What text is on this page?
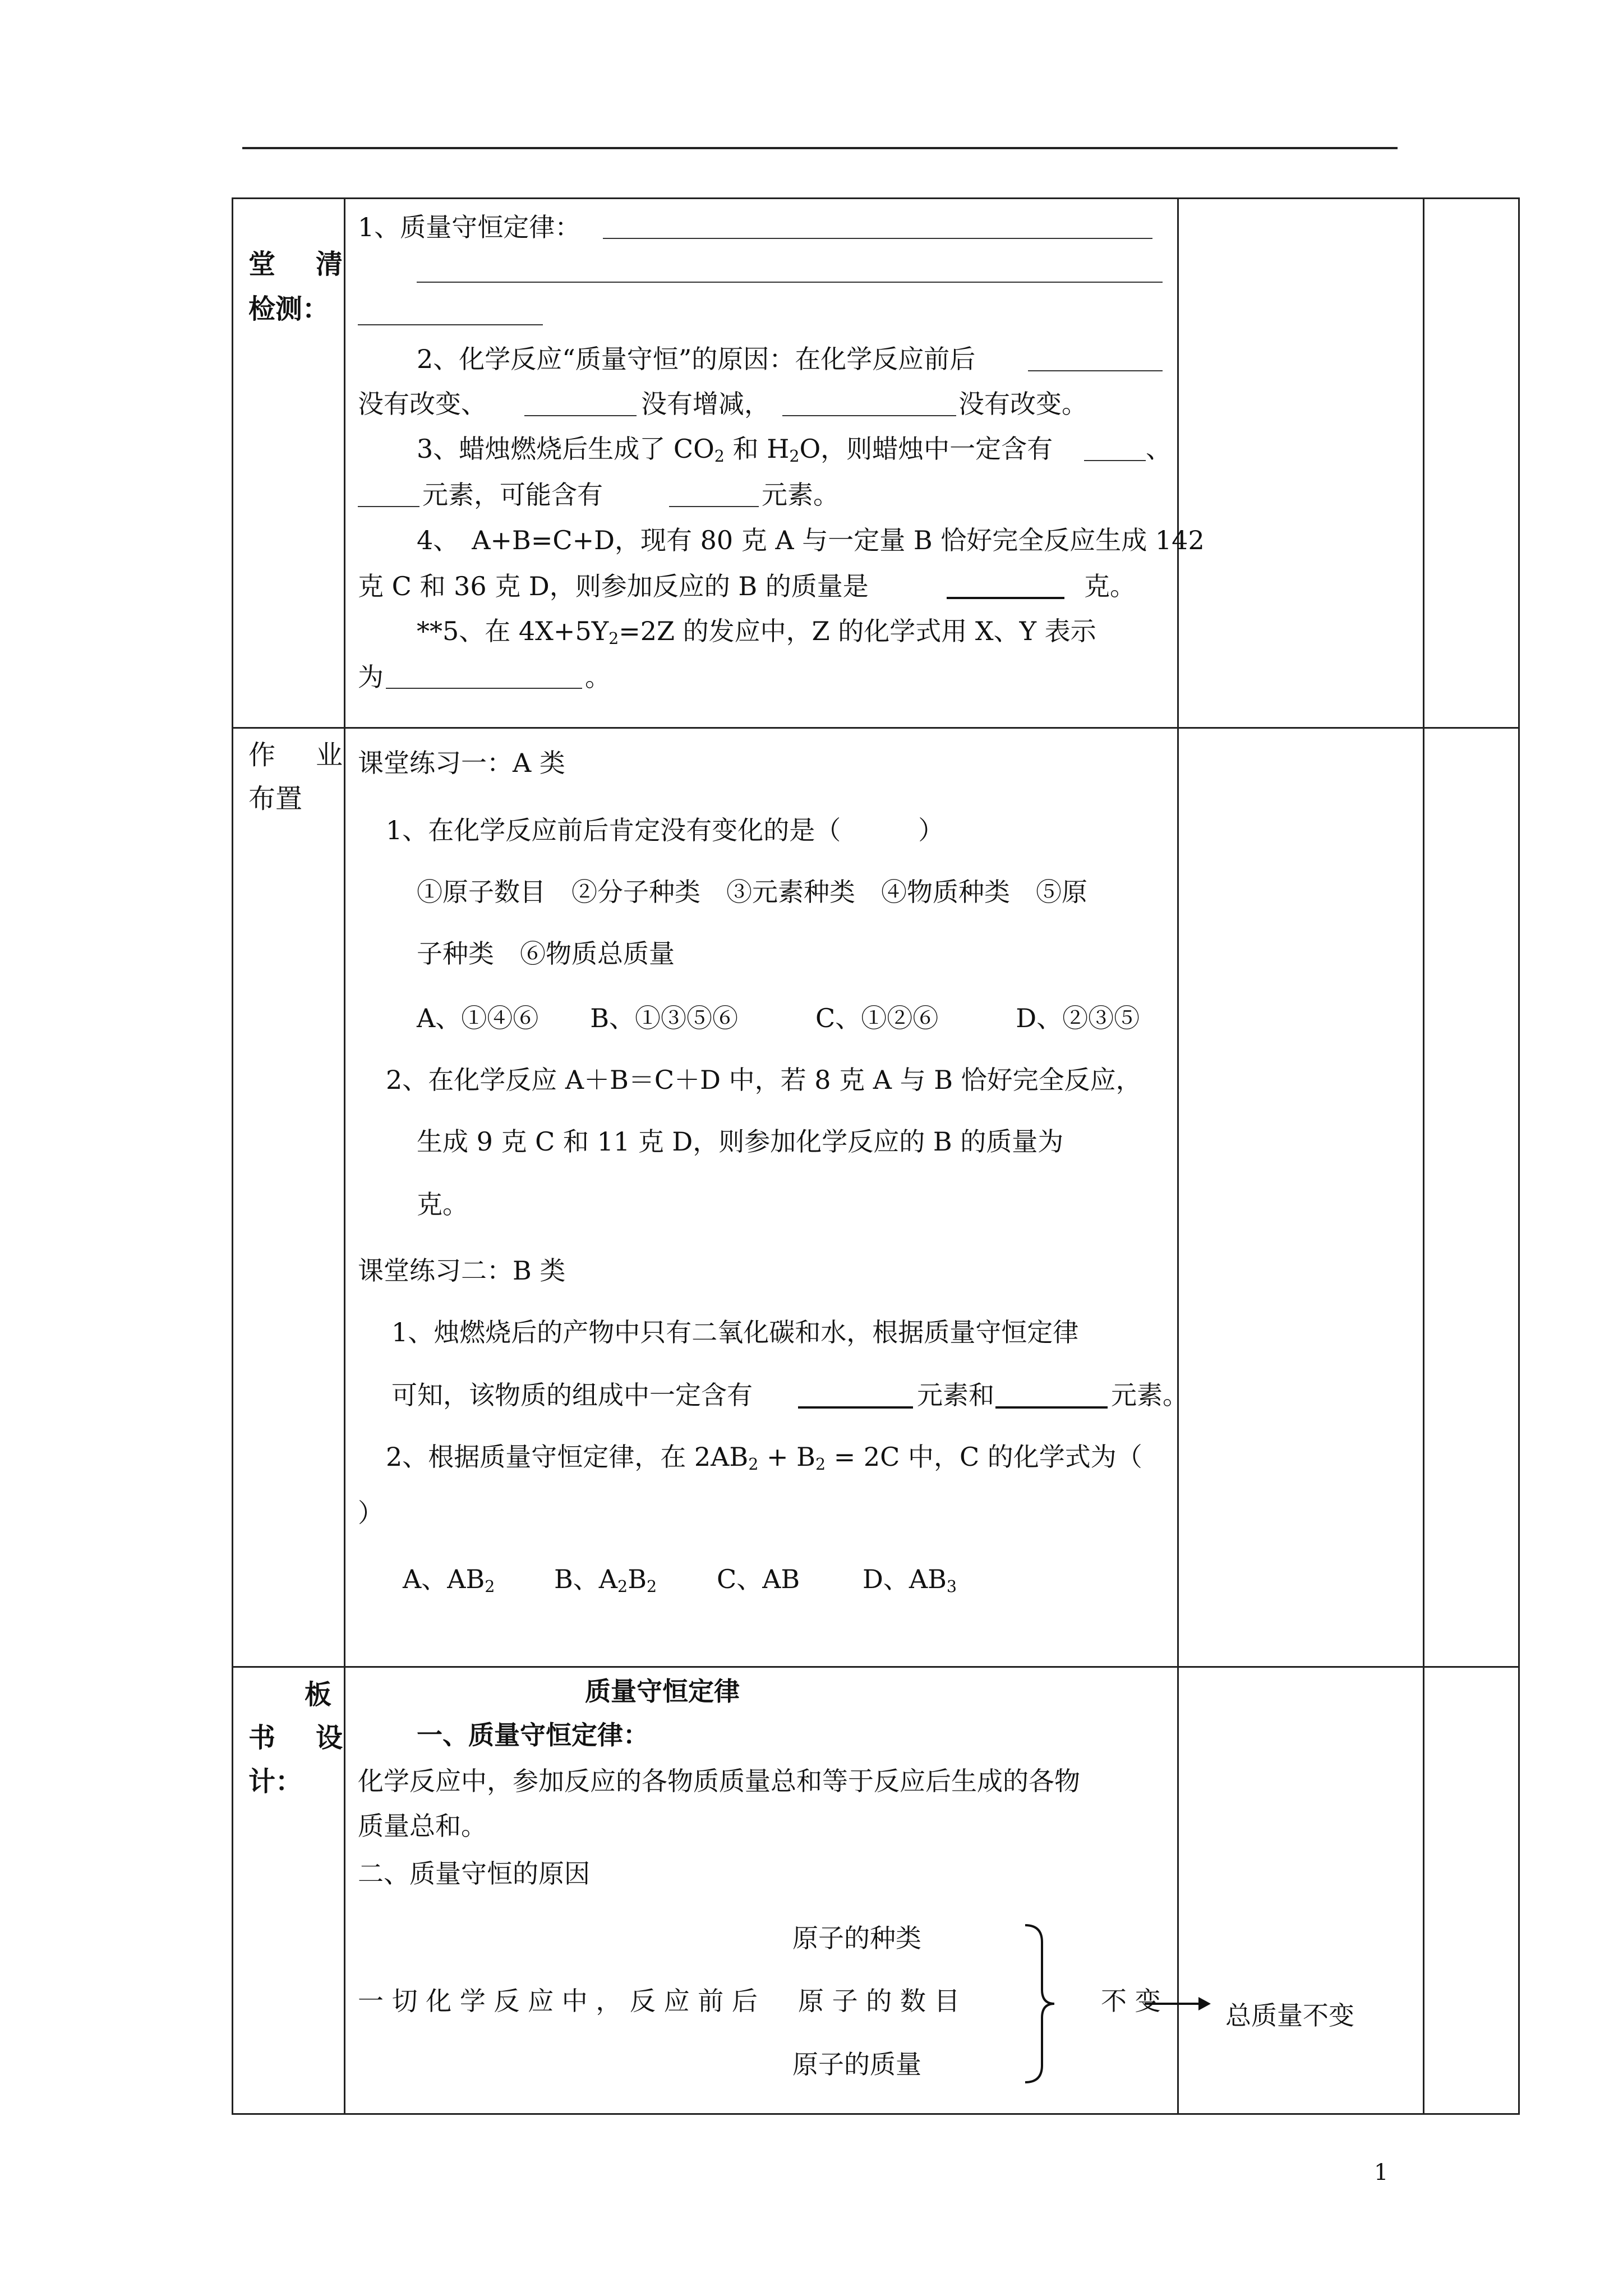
堂　清
检测：
1、质量守恒定律：
2、化学反应“质量守恒”的原因：在化学反应前后
没有改变、	没有增减，	没有改变。
3、蜡烛燃烧后生成了 $CO_2$ 和 $H_2O$，则蜡烛中一定含有	、
元素，可能含有	元素。
4、　A+B=C+D，现有 80 克 A 与一定量 B 恰好完全反应生成 142
克 C 和 36 克 D，则参加反应的 B 的质量是	克。
**5、在 $4X+5Y_2=2Z$ 的发应中，Z 的化学式用 X、Y 表示
为	。
作　业
布置
课堂练习一：A 类
1、在化学反应前后肯定没有变化的是（　　　）
①原子数目　②分子种类　③元素种类　④物质种类　⑤原
子种类　⑥物质总质量
A、①④⑥　　B、①③⑤⑥　　　C、①②⑥　　　D、②③⑤
2、在化学反应 A＋B＝C＋D 中，若 8 克 A 与 B 恰好完全反应，
生成 9 克 C 和 11 克 D，则参加化学反应的 B 的质量为
克。
课堂练习二：B 类
1、烛燃烧后的产物中只有二氧化碳和水，根据质量守恒定律
可知，该物质的组成中一定含有	元素和	元素。
2、根据质量守恒定律，在 $2AB_2 + B_2 = 2C$ 中，C 的化学式为（
）
A、$AB_2$ B、$A_2B_2$ C、AB D、$AB_3$
板
书　设
计：
质量守恒定律
一、质量守恒定律：
化学反应中，参加反应的各物质质量总和等于反应后生成的各物
质量总和。
二、质量守恒的原因
原子的种类
一 切 化 学 反 应 中 ， 反 应 前 后 原 子 的 数 目
原子的质量
不 变	总质量不变
1
